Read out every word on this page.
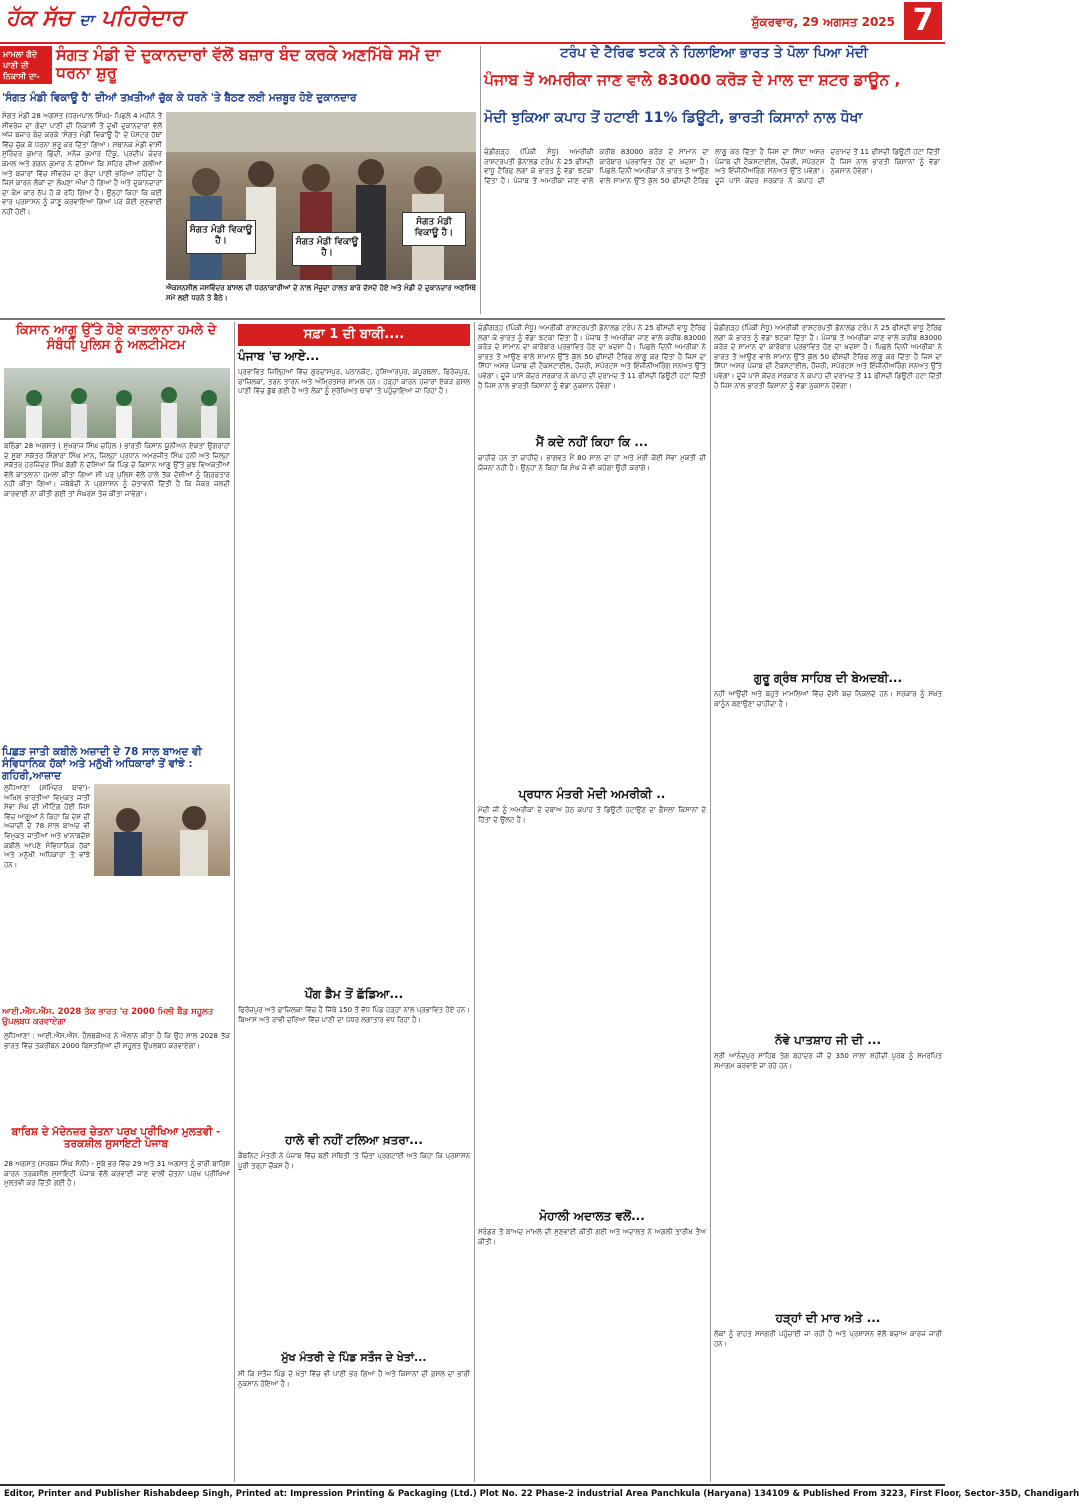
ਹੱਕ ਸੱਚ ਦਾ ਪਹਿਰੇਦਾਰ	ਸ਼ੁੱਕਰਵਾਰ, 29 ਅਗਸਤ 2025 7
ਮਾਮਲਾ ਗੰਦੇ ਪਾਣੀ ਦੀ ਨਿਕਾਸੀ ਦਾ-
ਸੰਗਤ ਮੰਡੀ ਦੇ ਦੁਕਾਨਦਾਰਾਂ ਵੱਲੋਂ ਬਜ਼ਾਰ ਬੰਦ ਕਰਕੇ ਅਣਮਿੱਥੇ ਸਮੇਂ ਦਾ ਧਰਨਾ ਸ਼ੁਰੂ
'ਸੰਗਤ ਮੰਡੀ ਵਿਕਾਊ ਹੈ' ਦੀਆਂ ਤਖ਼ਤੀਆਂ ਚੁੱਕ ਕੇ ਧਰਨੇ 'ਤੇ ਬੈਠਣ ਲਈ ਮਜ਼ਬੂਰ ਹੋਏ ਦੁਕਾਨਦਾਰ
ਸੰਗਤ ਮੰਡੀ 28 ਅਗਸਤ (ਧਰਮਪਾਲ ਸਿੰਘ)- ਪਿਛਲੇ 4 ਮਹੀਨੇ ਤੋਂ ਸੀਵਰੇਜ ਦਾ ਗੰਦਾ ਪਾਣੀ ਦੀ ਨਿਕਾਸੀ ਤੋਂ ਦੁਖੀ ਦੁਕਾਨਦਾਰਾਂ ਵੱਲੋਂ ਅੱਜ ਬਜ਼ਾਰ ਬੰਦ ਕਰਕੇ 'ਸੰਗਤ ਮੰਡੀ ਵਿਕਾਊ ਹੈ' ਦੇ ਪੋਸਟਰ ਹੱਥਾਂ ਵਿੱਚ ਚੁੱਕ ਕੇ ਧਰਨਾ ਸ਼ੁਰੂ ਕਰ ਦਿੱਤਾ ਗਿਆ। ਸਥਾਨਕ ਮੰਡੀ ਵਾਸੀ ਸੁਰਿੰਦਰ ਕੁਮਾਰ ਛਿੰਦੀ, ਮਨੋਜ ਕੁਮਾਰ ਟਿੰਕੂ, ਪ੍ਰਦੀਪ ਚੰਦਰ ਕਮਲ ਅਤੇ ਗਗਨ ਕੁਮਾਰ ਨੇ ਦੱਸਿਆ ਕਿ ਸ਼ਹਿਰ ਦੀਆਂ ਗਲੀਆਂ ਅਤੇ ਬਜ਼ਾਰਾਂ ਵਿੱਚ ਸੀਵਰੇਜ ਦਾ ਗੰਦਾ ਪਾਣੀ ਭਰਿਆ ਰਹਿੰਦਾ ਹੈ ਜਿਸ ਕਾਰਨ ਲੋਕਾਂ ਦਾ ਲੰਘਣਾ ਔਖਾ ਹੋ ਗਿਆ ਹੈ ਅਤੇ ਦੁਕਾਨਦਾਰਾਂ ਦਾ ਕੰਮ ਕਾਰ ਠੱਪ ਹੋ ਕੇ ਰਹਿ ਗਿਆ ਹੈ। ਉਨ੍ਹਾਂ ਕਿਹਾ ਕਿ ਕਈ ਵਾਰ ਪ੍ਰਸ਼ਾਸਨ ਨੂੰ ਜਾਣੂ ਕਰਵਾਇਆ ਗਿਆ ਪਰ ਕੋਈ ਸੁਣਵਾਈ ਨਹੀਂ ਹੋਈ।
ਸੰਗਤ ਮੰਡੀ ਵਿਕਾਊ ਹੈ।	ਸੰਗਤ ਮੰਡੀ ਵਿਕਾਊ ਹੈ।
ਸੰਗਤ ਮੰਡੀ ਵਿਕਾਊ ਹੈ।
ਐਕਸ਼ਨਸ਼ੀਲ ਜਸਵਿੰਦਰ ਬਾਂਸਲ ਦੀ ਧਰਨਾਕਾਰੀਆਂ ਦੇ ਨਾਲ ਮੌਜੂਦਾ ਹਾਲਤ ਬਾਰੇ ਦੱਸਦੇ ਹੋਏ ਅਤੇ ਮੰਡੀ ਦੇ ਦੁਕਾਨਦਾਰ ਅਣਮਿੱਥੇ ਸਮੇਂ ਲਈ ਧਰਨੇ ਤੇ ਬੈਠੇ।
ਟਰੰਪ ਦੇ ਟੈਰਿਫ ਝਟਕੇ ਨੇ ਹਿਲਾਇਆ ਭਾਰਤ ਤੇ ਪੋਲਾ ਪਿਆ ਮੋਦੀ
ਪੰਜਾਬ ਤੋਂ ਅਮਰੀਕਾ ਜਾਣ ਵਾਲੇ 83000 ਕਰੋੜ ਦੇ ਮਾਲ ਦਾ ਸ਼ਟਰ ਡਾਊਨ ,
ਮੋਦੀ ਝੁਕਿਆ ਕਪਾਹ ਤੋਂ ਹਟਾਈ 11% ਡਿਊਟੀ, ਭਾਰਤੀ ਕਿਸਾਨਾਂ ਨਾਲ ਧੋਖਾ
ਚੰਡੀਗੜ੍ਹ (ਪਿੰਕੀ ਸੰਧੂ) ਅਮਰੀਕੀ ਰਾਸ਼ਟਰਪਤੀ ਡੋਨਾਲਡ ਟਰੰਪ ਨੇ 25 ਫੀਸਦੀ ਵਾਧੂ ਟੈਰਿਫ ਲਗਾ ਕੇ ਭਾਰਤ ਨੂੰ ਵੱਡਾ ਝਟਕਾ ਦਿੱਤਾ ਹੈ। ਪੰਜਾਬ ਤੋਂ ਅਮਰੀਕਾ ਜਾਣ ਵਾਲੇ ਕਰੀਬ 83000 ਕਰੋੜ ਦੇ ਸਾਮਾਨ ਦਾ ਕਾਰੋਬਾਰ ਪ੍ਰਭਾਵਿਤ ਹੋਣ ਦਾ ਖ਼ਦਸ਼ਾ ਹੈ। ਪਿਛਲੇ ਦਿਨੀਂ ਅਮਰੀਕਾ ਨੇ ਭਾਰਤ ਤੋਂ ਆਉਣ ਵਾਲੇ ਸਾਮਾਨ ਉੱਤੇ ਕੁੱਲ 50 ਫੀਸਦੀ ਟੈਰਿਫ ਲਾਗੂ ਕਰ ਦਿੱਤਾ ਹੈ ਜਿਸ ਦਾ ਸਿੱਧਾ ਅਸਰ ਪੰਜਾਬ ਦੀ ਟੈਕਸਟਾਈਲ, ਹੌਜ਼ਰੀ, ਸਪੋਰਟਸ ਅਤੇ ਇੰਜੀਨੀਅਰਿੰਗ ਸਨਅਤ ਉੱਤੇ ਪਵੇਗਾ। ਦੂਜੇ ਪਾਸੇ ਕੇਂਦਰ ਸਰਕਾਰ ਨੇ ਕਪਾਹ ਦੀ ਦਰਾਮਦ ਤੋਂ 11 ਫੀਸਦੀ ਡਿਊਟੀ ਹਟਾ ਦਿੱਤੀ ਹੈ ਜਿਸ ਨਾਲ ਭਾਰਤੀ ਕਿਸਾਨਾਂ ਨੂੰ ਵੱਡਾ ਨੁਕਸਾਨ ਹੋਵੇਗਾ।
ਕਿਸਾਨ ਆਗੂ ਉੱਤੇ ਹੋਏ ਕਾਤਲਾਨਾ ਹਮਲੇ ਦੇ ਸੰਬੰਧੀ ਪੁਲਿਸ ਨੂੰ ਅਲਟੀਮੇਟਮ
ਬਠਿੰਡਾ 28 ਅਗਸਤ ( ਸੁਖਰਾਜ ਸਿੰਘ ਚਹਿਲ ) ਭਾਰਤੀ ਕਿਸਾਨ ਯੂਨੀਅਨ ਏਕਤਾ ਉਗਰਾਹਾਂ ਦੇ ਸੂਬਾ ਸਕੱਤਰ ਸ਼ਿੰਗਾਰਾ ਸਿੰਘ ਮਾਨ, ਜ਼ਿਲ੍ਹਾ ਪ੍ਰਧਾਨ ਅਮਰਜੀਤ ਸਿੰਘ ਹਨੀ ਅਤੇ ਜ਼ਿਲ੍ਹਾ ਸਕੱਤਰ ਹਰਜਿੰਦਰ ਸਿੰਘ ਬੱਗੀ ਨੇ ਦੱਸਿਆ ਕਿ ਪਿੰਡ ਦੇ ਕਿਸਾਨ ਆਗੂ ਉੱਤੇ ਕੁਝ ਵਿਅਕਤੀਆਂ ਵੱਲੋਂ ਕਾਤਲਾਨਾ ਹਮਲਾ ਕੀਤਾ ਗਿਆ ਸੀ ਪਰ ਪੁਲਿਸ ਵੱਲੋਂ ਹਾਲੇ ਤੱਕ ਦੋਸ਼ੀਆਂ ਨੂੰ ਗ੍ਰਿਫ਼ਤਾਰ ਨਹੀਂ ਕੀਤਾ ਗਿਆ। ਜਥੇਬੰਦੀ ਨੇ ਪ੍ਰਸ਼ਾਸਨ ਨੂੰ ਚੇਤਾਵਨੀ ਦਿੱਤੀ ਹੈ ਕਿ ਜੇਕਰ ਜਲਦੀ ਕਾਰਵਾਈ ਨਾ ਕੀਤੀ ਗਈ ਤਾਂ ਸੰਘਰਸ਼ ਤੇਜ਼ ਕੀਤਾ ਜਾਵੇਗਾ।
ਪਿਛੜ ਜਾਤੀ ਕਬੀਲੇ ਅਜ਼ਾਦੀ ਦੇ 78 ਸਾਲ ਬਾਅਦ ਵੀ ਸੰਵਿਧਾਨਿਕ ਹੱਕਾਂ ਅਤੇ ਮਨੁੱਖੀ ਅਧਿਕਾਰਾਂ ਤੋਂ ਵਾਂਝੇ : ਗਹਿਰੀ,ਆਜ਼ਾਦ
ਲੁਧਿਆਣਾ (ਸ਼ਮਿੰਦਰ ਬਾਵਾ)- ਅਖਿਲ ਭਾਰਤੀਆ ਵਿਮੁਕਤ ਜਾਤੀ ਸੇਵਾ ਸੰਘ ਦੀ ਮੀਟਿੰਗ ਹੋਈ ਜਿਸ ਵਿੱਚ ਆਗੂਆਂ ਨੇ ਕਿਹਾ ਕਿ ਦੇਸ਼ ਦੀ ਅਜ਼ਾਦੀ ਦੇ 78 ਸਾਲ ਬਾਅਦ ਵੀ ਵਿਮੁਕਤ ਜਾਤੀਆਂ ਅਤੇ ਖਾਨਾਬਦੋਸ਼ ਕਬੀਲੇ ਆਪਣੇ ਸੰਵਿਧਾਨਿਕ ਹੱਕਾਂ ਅਤੇ ਮਨੁੱਖੀ ਅਧਿਕਾਰਾਂ ਤੋਂ ਵਾਂਝੇ ਹਨ।
ਆਈ.ਐੱਸ.ਐੱਸ. 2028 ਤੱਕ ਭਾਰਤ 'ਚ 2000 ਮਿਲੀ ਬੈੱਡ ਸਹੂਲਤ ਉਪਲਬਧ ਕਰਵਾਏਗਾ
ਲੁਧਿਆਣਾ : ਆਈ.ਐੱਸ.ਐੱਸ. ਹੈਲਥਕੇਅਰ ਨੇ ਐਲਾਨ ਕੀਤਾ ਹੈ ਕਿ ਉਹ ਸਾਲ 2028 ਤੱਕ ਭਾਰਤ ਵਿੱਚ ਤਕਰੀਬਨ 2000 ਬਿਸਤਰਿਆਂ ਦੀ ਸਹੂਲਤ ਉਪਲਬਧ ਕਰਵਾਏਗਾ।
ਬਾਰਿਸ਼ ਦੇ ਮੱਦੇਨਜ਼ਰ ਚੇਤਨਾ ਪਰਖ ਪ੍ਰੀਖਿਆ ਮੁਲਤਵੀ - ਤਰਕਸ਼ੀਲ ਸੁਸਾਇਟੀ ਪੰਜਾਬ
28 ਅਗਸਤ (ਸਰਬਜ ਸਿੰਘ ਸੋਨੀ) - ਸੂਬੇ ਭਰ ਵਿੱਚ 29 ਅਤੇ 31 ਅਗਸਤ ਨੂੰ ਭਾਰੀ ਬਾਰਿਸ਼ ਕਾਰਨ ਤਰਕਸ਼ੀਲ ਸੁਸਾਇਟੀ ਪੰਜਾਬ ਵੱਲੋਂ ਕਰਵਾਈ ਜਾਣ ਵਾਲੀ ਚੇਤਨਾ ਪਰਖ ਪ੍ਰੀਖਿਆ ਮੁਲਤਵੀ ਕਰ ਦਿੱਤੀ ਗਈ ਹੈ।
ਸਫ਼ਾ 1 ਦੀ ਬਾਕੀ....
ਪੰਜਾਬ 'ਚ ਆਏ...
ਪ੍ਰਭਾਵਿਤ ਜ਼ਿਲ੍ਹਿਆਂ ਵਿੱਚ ਗੁਰਦਾਸਪੁਰ, ਪਠਾਨਕੋਟ, ਹੁਸ਼ਿਆਰਪੁਰ, ਕਪੂਰਥਲਾ, ਫਿਰੋਜ਼ਪੁਰ, ਫਾਜ਼ਿਲਕਾ, ਤਰਨ ਤਾਰਨ ਅਤੇ ਅੰਮ੍ਰਿਤਸਰ ਸ਼ਾਮਲ ਹਨ। ਹੜ੍ਹਾਂ ਕਾਰਨ ਹਜ਼ਾਰਾਂ ਏਕੜ ਫ਼ਸਲ ਪਾਣੀ ਵਿੱਚ ਡੁੱਬ ਗਈ ਹੈ ਅਤੇ ਲੋਕਾਂ ਨੂੰ ਸੁਰੱਖਿਅਤ ਥਾਵਾਂ 'ਤੇ ਪਹੁੰਚਾਇਆ ਜਾ ਰਿਹਾ ਹੈ।
ਪੌਂਗ ਡੈਮ ਤੋਂ ਛੱਡਿਆ...
ਫਿਰੋਜ਼ਪੁਰ ਅਤੇ ਫਾਜ਼ਿਲਕਾ ਵਿੱਚ ਹੈ ਜਿੱਥੇ 150 ਤੋਂ ਵੱਧ ਪਿੰਡ ਹੜ੍ਹਾਂ ਨਾਲ ਪ੍ਰਭਾਵਿਤ ਹੋਏ ਹਨ। ਬਿਆਸ ਅਤੇ ਰਾਵੀ ਦਰਿਆ ਵਿੱਚ ਪਾਣੀ ਦਾ ਪੱਧਰ ਲਗਾਤਾਰ ਵਧ ਰਿਹਾ ਹੈ।
ਹਾਲੇ ਵੀ ਨਹੀਂ ਟਲਿਆ ਖ਼ਤਰਾ...
ਕੈਬਨਿਟ ਮੰਤਰੀ ਨੇ ਪੰਜਾਬ ਵਿੱਚ ਬਣੀ ਸਥਿਤੀ 'ਤੇ ਚਿੰਤਾ ਪ੍ਰਗਟਾਈ ਅਤੇ ਕਿਹਾ ਕਿ ਪ੍ਰਸ਼ਾਸਨ ਪੂਰੀ ਤਰ੍ਹਾਂ ਚੌਕਸ ਹੈ।
ਮੁੱਖ ਮੰਤਰੀ ਦੇ ਪਿੰਡ ਸਤੌਜ ਦੇ ਖੇਤਾਂ...
ਸੀ ਕਿ ਸਤੌਜ ਪਿੰਡ ਦੇ ਖੇਤਾਂ ਵਿੱਚ ਵੀ ਪਾਣੀ ਭਰ ਗਿਆ ਹੈ ਅਤੇ ਕਿਸਾਨਾਂ ਦੀ ਫ਼ਸਲ ਦਾ ਭਾਰੀ ਨੁਕਸਾਨ ਹੋਇਆ ਹੈ।
ਚੰਡੀਗੜ੍ਹ (ਪਿੰਕੀ ਸੰਧੂ) ਅਮਰੀਕੀ ਰਾਸ਼ਟਰਪਤੀ ਡੋਨਾਲਡ ਟਰੰਪ ਨੇ 25 ਫੀਸਦੀ ਵਾਧੂ ਟੈਰਿਫ ਲਗਾ ਕੇ ਭਾਰਤ ਨੂੰ ਵੱਡਾ ਝਟਕਾ ਦਿੱਤਾ ਹੈ। ਪੰਜਾਬ ਤੋਂ ਅਮਰੀਕਾ ਜਾਣ ਵਾਲੇ ਕਰੀਬ 83000 ਕਰੋੜ ਦੇ ਸਾਮਾਨ ਦਾ ਕਾਰੋਬਾਰ ਪ੍ਰਭਾਵਿਤ ਹੋਣ ਦਾ ਖ਼ਦਸ਼ਾ ਹੈ। ਪਿਛਲੇ ਦਿਨੀਂ ਅਮਰੀਕਾ ਨੇ ਭਾਰਤ ਤੋਂ ਆਉਣ ਵਾਲੇ ਸਾਮਾਨ ਉੱਤੇ ਕੁੱਲ 50 ਫੀਸਦੀ ਟੈਰਿਫ ਲਾਗੂ ਕਰ ਦਿੱਤਾ ਹੈ ਜਿਸ ਦਾ ਸਿੱਧਾ ਅਸਰ ਪੰਜਾਬ ਦੀ ਟੈਕਸਟਾਈਲ, ਹੌਜ਼ਰੀ, ਸਪੋਰਟਸ ਅਤੇ ਇੰਜੀਨੀਅਰਿੰਗ ਸਨਅਤ ਉੱਤੇ ਪਵੇਗਾ। ਦੂਜੇ ਪਾਸੇ ਕੇਂਦਰ ਸਰਕਾਰ ਨੇ ਕਪਾਹ ਦੀ ਦਰਾਮਦ ਤੋਂ 11 ਫੀਸਦੀ ਡਿਊਟੀ ਹਟਾ ਦਿੱਤੀ ਹੈ ਜਿਸ ਨਾਲ ਭਾਰਤੀ ਕਿਸਾਨਾਂ ਨੂੰ ਵੱਡਾ ਨੁਕਸਾਨ ਹੋਵੇਗਾ।
ਮੈਂ ਕਦੇ ਨਹੀਂ ਕਿਹਾ ਕਿ ...
ਚਾਹੀਦੇ ਹਨ ਤਾਂ ਚਾਹੀਦੇ। ਭਾਗਵਤ ਮੈਂ 80 ਸਾਲ ਦਾ ਹਾਂ ਅਤੇ ਮੇਰੀ ਕੋਈ ਸੇਵਾ ਮੁਕਤੀ ਦੀ ਯੋਜਨਾ ਨਹੀਂ ਹੈ। ਉਨ੍ਹਾਂ ਨੇ ਕਿਹਾ ਕਿ ਸੰਘ ਜੋ ਵੀ ਕਹੇਗਾ ਉਹੀ ਕਰਾਂਗੇ।
ਪ੍ਰਧਾਨ ਮੰਤਰੀ ਮੋਦੀ ਅਮਰੀਕੀ ..
ਮੋਦੀ ਜੀ ਨੂੰ ਅਮਰੀਕਾ ਦੇ ਦਬਾਅ ਹੇਠ ਕਪਾਹ ਤੋਂ ਡਿਊਟੀ ਹਟਾਉਣ ਦਾ ਫ਼ੈਸਲਾ ਕਿਸਾਨਾਂ ਦੇ ਹਿੱਤਾਂ ਦੇ ਉਲਟ ਹੈ।
ਮੋਹਾਲੀ ਅਦਾਲਤ ਵਲੋਂ...
ਸਰੰਡਰ ਤੋਂ ਬਾਅਦ ਮਾਮਲੇ ਦੀ ਸੁਣਵਾਈ ਕੀਤੀ ਗਈ ਅਤੇ ਅਦਾਲਤ ਨੇ ਅਗਲੀ ਤਾਰੀਖ਼ ਤੈਅ ਕੀਤੀ।
ਚੰਡੀਗੜ੍ਹ (ਪਿੰਕੀ ਸੰਧੂ) ਅਮਰੀਕੀ ਰਾਸ਼ਟਰਪਤੀ ਡੋਨਾਲਡ ਟਰੰਪ ਨੇ 25 ਫੀਸਦੀ ਵਾਧੂ ਟੈਰਿਫ ਲਗਾ ਕੇ ਭਾਰਤ ਨੂੰ ਵੱਡਾ ਝਟਕਾ ਦਿੱਤਾ ਹੈ। ਪੰਜਾਬ ਤੋਂ ਅਮਰੀਕਾ ਜਾਣ ਵਾਲੇ ਕਰੀਬ 83000 ਕਰੋੜ ਦੇ ਸਾਮਾਨ ਦਾ ਕਾਰੋਬਾਰ ਪ੍ਰਭਾਵਿਤ ਹੋਣ ਦਾ ਖ਼ਦਸ਼ਾ ਹੈ। ਪਿਛਲੇ ਦਿਨੀਂ ਅਮਰੀਕਾ ਨੇ ਭਾਰਤ ਤੋਂ ਆਉਣ ਵਾਲੇ ਸਾਮਾਨ ਉੱਤੇ ਕੁੱਲ 50 ਫੀਸਦੀ ਟੈਰਿਫ ਲਾਗੂ ਕਰ ਦਿੱਤਾ ਹੈ ਜਿਸ ਦਾ ਸਿੱਧਾ ਅਸਰ ਪੰਜਾਬ ਦੀ ਟੈਕਸਟਾਈਲ, ਹੌਜ਼ਰੀ, ਸਪੋਰਟਸ ਅਤੇ ਇੰਜੀਨੀਅਰਿੰਗ ਸਨਅਤ ਉੱਤੇ ਪਵੇਗਾ। ਦੂਜੇ ਪਾਸੇ ਕੇਂਦਰ ਸਰਕਾਰ ਨੇ ਕਪਾਹ ਦੀ ਦਰਾਮਦ ਤੋਂ 11 ਫੀਸਦੀ ਡਿਊਟੀ ਹਟਾ ਦਿੱਤੀ ਹੈ ਜਿਸ ਨਾਲ ਭਾਰਤੀ ਕਿਸਾਨਾਂ ਨੂੰ ਵੱਡਾ ਨੁਕਸਾਨ ਹੋਵੇਗਾ।
ਗੁਰੂ ਗ੍ਰੰਥ ਸਾਹਿਬ ਦੀ ਬੇਅਦਬੀ...
ਨਹੀਂ ਆਉਂਦੀ ਅਤੇ ਬਹੁਤੇ ਮਾਮਲਿਆਂ ਵਿੱਚ ਦੋਸ਼ੀ ਬਚ ਨਿਕਲਦੇ ਹਨ। ਸਰਕਾਰ ਨੂੰ ਸਖ਼ਤ ਕਾਨੂੰਨ ਬਣਾਉਣਾ ਚਾਹੀਦਾ ਹੈ।
ਨੱਵੇ ਪਾਤਸ਼ਾਹ ਜੀ ਦੀ ...
ਸ੍ਰੀ ਆਨੰਦਪੁਰ ਸਾਹਿਬ ਤੇਗ ਬਹਾਦਰ ਜੀ ਦੇ 350 ਸਾਲਾ ਸ਼ਹੀਦੀ ਪੁਰਬ ਨੂੰ ਸਮਰਪਿਤ ਸਮਾਗਮ ਕਰਵਾਏ ਜਾ ਰਹੇ ਹਨ।
ਹੜ੍ਹਾਂ ਦੀ ਮਾਰ ਅਤੇ ...
ਲੋਕਾਂ ਨੂੰ ਰਾਹਤ ਸਮੱਗਰੀ ਪਹੁੰਚਾਈ ਜਾ ਰਹੀ ਹੈ ਅਤੇ ਪ੍ਰਸ਼ਾਸਨ ਵੱਲੋਂ ਬਚਾਅ ਕਾਰਜ ਜਾਰੀ ਹਨ।
Editor, Printer and Publisher Rishabdeep Singh, Printed at: Impression Printing & Packaging (Ltd.) Plot No. 22 Phase-2 industrial Area Panchkula (Haryana) 134109 & Published From 3223, First Floor, Sector-35D, Chandigarh
